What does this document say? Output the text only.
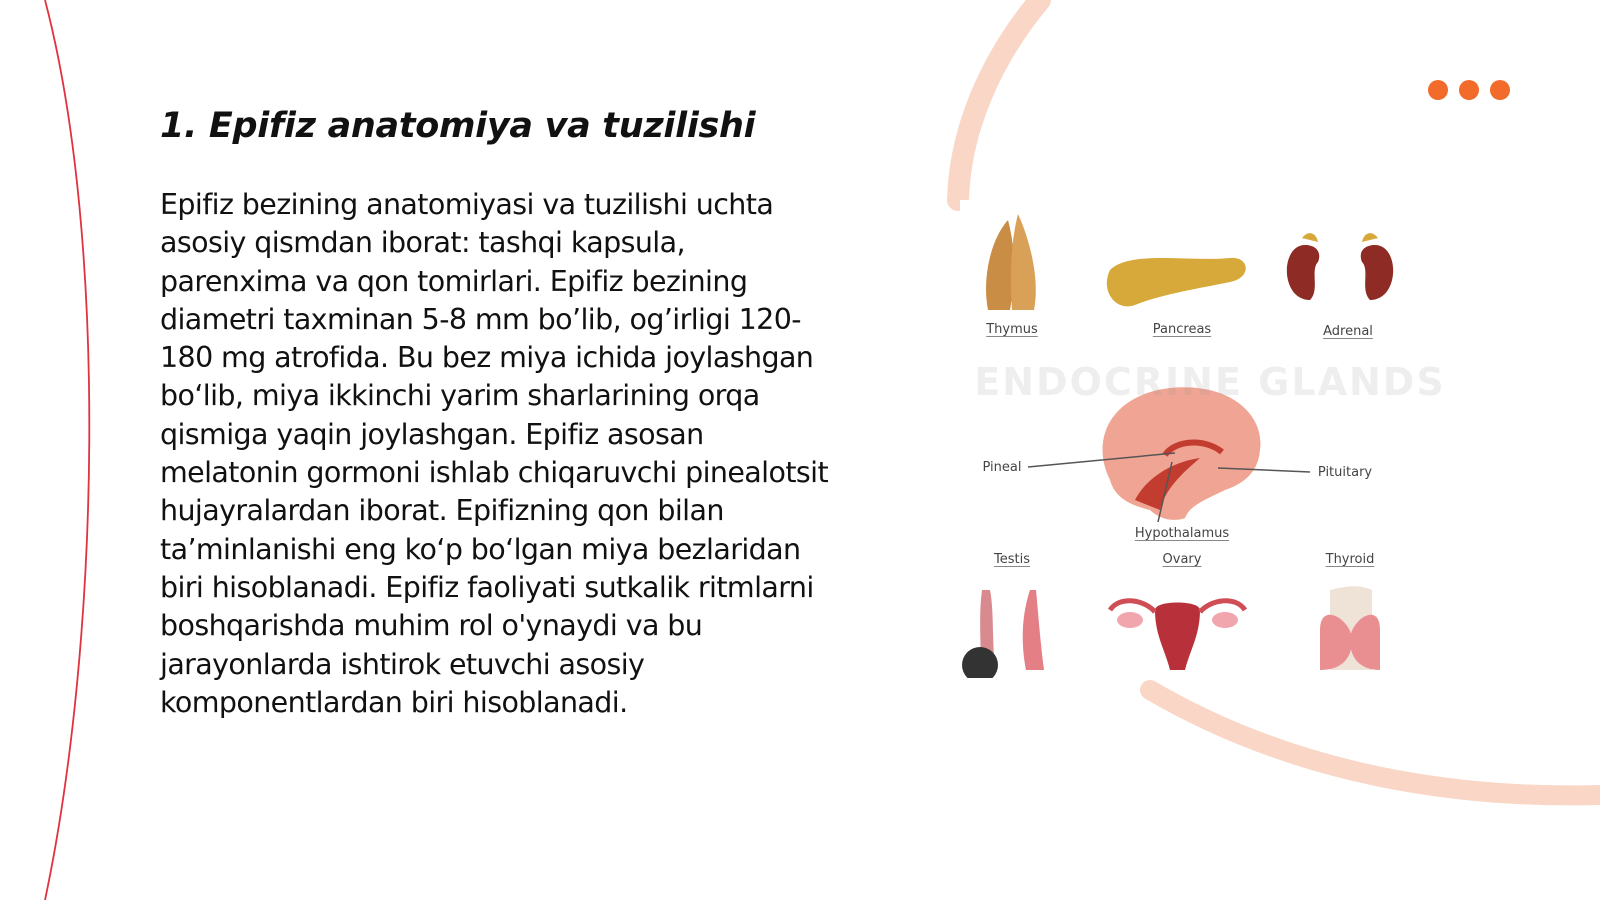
1. Epifiz anatomiya va tuzilishi

Epifiz bezining anatomiyasi va tuzilishi uchta asosiy qismdan iborat: tashqi kapsula, parenxima va qon tomirlari. Epifiz bezining diametri taxminan 5-8 mm bo’lib, og’irligi 120-180 mg atrofida. Bu bez miya ichida joylashgan bo‘lib, miya ikkinchi yarim sharlarining orqa qismiga yaqin joylashgan. Epifiz asosan melatonin gormoni ishlab chiqaruvchi pinealotsit hujayralardan iborat. Epifizning qon bilan ta’minlanishi eng ko‘p bo‘lgan miya bezlaridan biri hisoblanadi. Epifiz faoliyati sutkalik ritmlarni boshqarishda muhim rol o'ynaydi va bu jarayonlarda ishtirok etuvchi asosiy komponentlardan biri hisoblanadi.

ENDOCRINE GLANDS
Thymus	Pancreas	Adrenal
Pineal	Pituitary
Hypothalamus
Testis	Ovary	Thyroid
